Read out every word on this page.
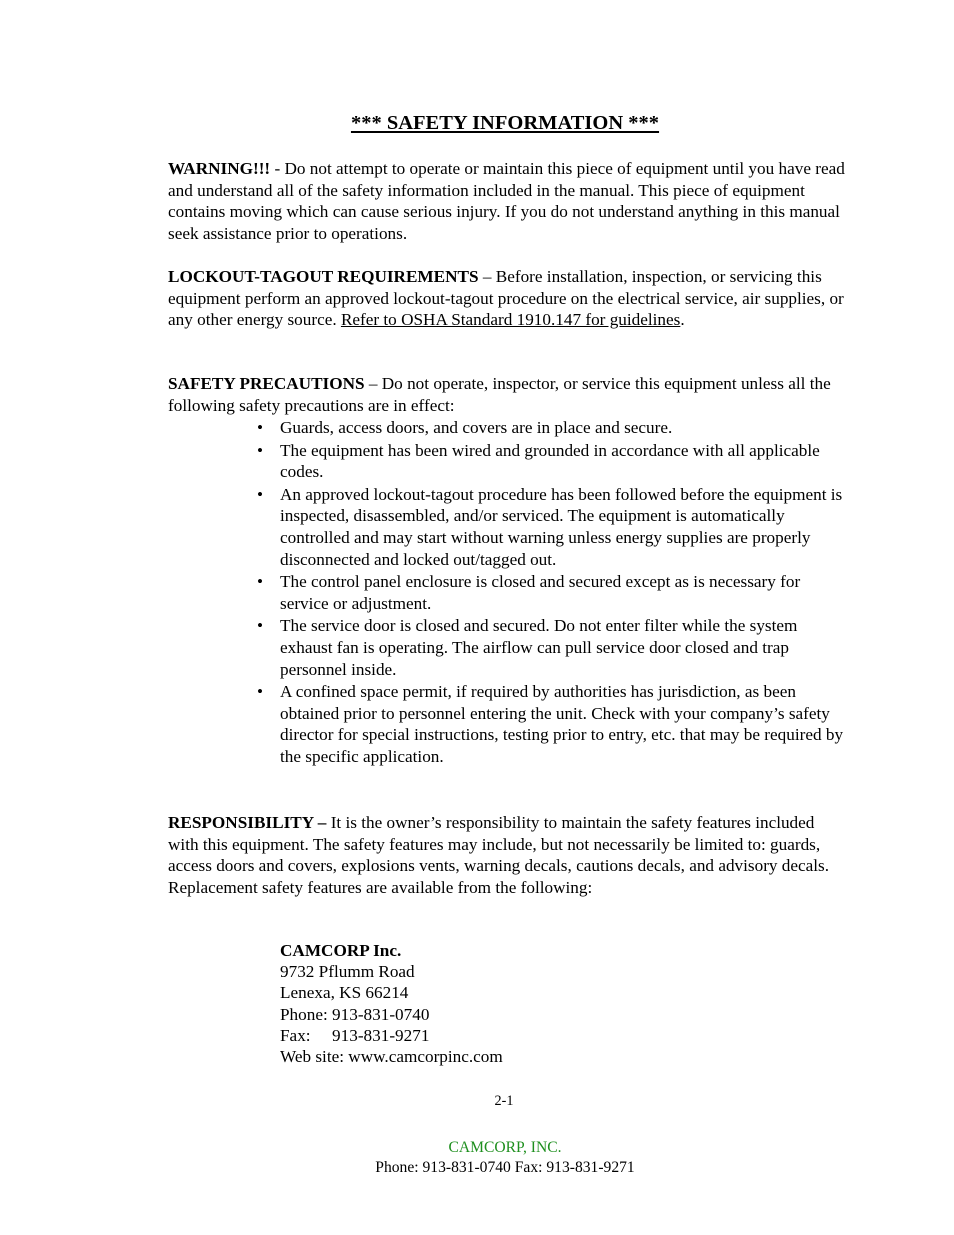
*** SAFETY INFORMATION ***
WARNING!!! - Do not attempt to operate or maintain this piece of equipment until you have read and understand all of the safety information included in the manual. This piece of equipment contains moving which can cause serious injury. If you do not understand anything in this manual seek assistance prior to operations.
LOCKOUT-TAGOUT REQUIREMENTS – Before installation, inspection, or servicing this equipment perform an approved lockout-tagout procedure on the electrical service, air supplies, or any other energy source. Refer to OSHA Standard 1910.147 for guidelines.
SAFETY PRECAUTIONS – Do not operate, inspector, or service this equipment unless all the following safety precautions are in effect:
• Guards, access doors, and covers are in place and secure.
• The equipment has been wired and grounded in accordance with all applicable codes.
• An approved lockout-tagout procedure has been followed before the equipment is inspected, disassembled, and/or serviced. The equipment is automatically controlled and may start without warning unless energy supplies are properly disconnected and locked out/tagged out.
• The control panel enclosure is closed and secured except as is necessary for service or adjustment.
• The service door is closed and secured. Do not enter filter while the system exhaust fan is operating. The airflow can pull service door closed and trap personnel inside.
• A confined space permit, if required by authorities has jurisdiction, as been obtained prior to personnel entering the unit. Check with your company’s safety director for special instructions, testing prior to entry, etc. that may be required by the specific application.
RESPONSIBILITY – It is the owner’s responsibility to maintain the safety features included with this equipment. The safety features may include, but not necessarily be limited to: guards, access doors and covers, explosions vents, warning decals, cautions decals, and advisory decals. Replacement safety features are available from the following:
CAMCORP Inc.
9732 Pflumm Road
Lenexa, KS 66214
Phone: 913-831-0740
Fax:     913-831-9271
Web site: www.camcorpinc.com
2-1
CAMCORP, INC.
Phone: 913-831-0740 Fax: 913-831-9271
